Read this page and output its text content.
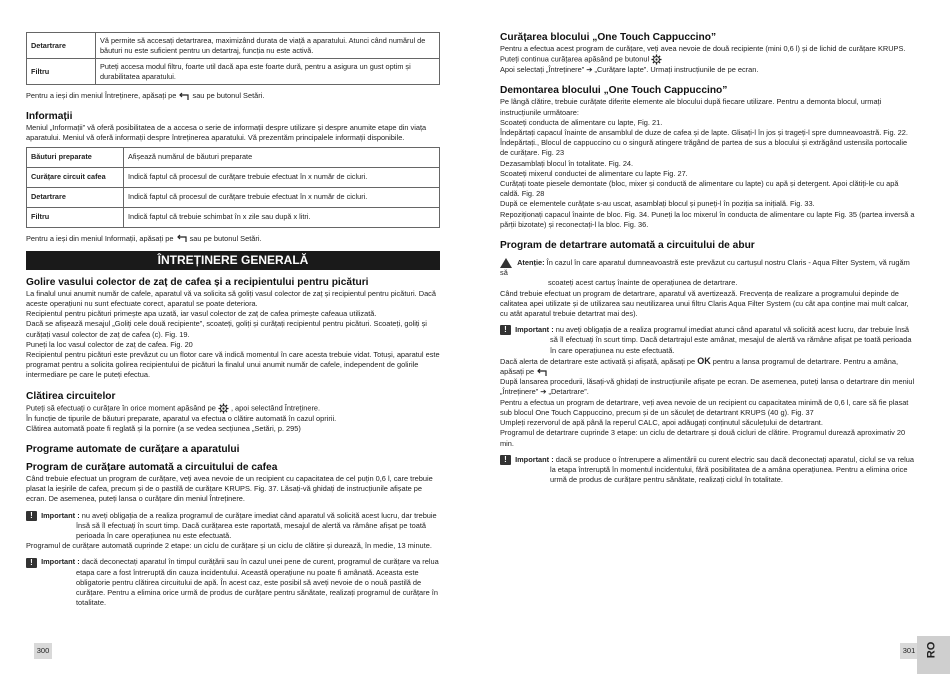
Detartrare	Vă permite să accesați detartrarea, maximizând durata de viață a aparatului. Atunci când numărul de băuturi nu este suficient pentru un detartraj, funcția nu este activă.
Filtru	Puteți accesa modul filtru, foarte util dacă apa este foarte dură, pentru a asigura un gust optim și durabilitatea aparatului.

Pentru a ieși din meniul Întreținere, apăsați pe sau pe butonul Setări.

Informații

Meniul „Informații” vă oferă posibilitatea de a accesa o serie de informații despre utilizare și despre anumite etape din viața aparatului. Meniul vă oferă informații despre întreținerea aparatului. Vă prezentăm principalele informații disponibile.

Băuturi preparate	Afișează numărul de băuturi preparate
Curățare circuit cafea	Indică faptul că procesul de curățare trebuie efectuat în x număr de cicluri.
Detartrare	Indică faptul că procesul de curățare trebuie efectuat în x număr de cicluri.
Filtru	Indică faptul că trebuie schimbat în x zile sau după x litri.

Pentru a ieși din meniul Informații, apăsați pe sau pe butonul Setări.

ÎNTREȚINERE GENERALĂ

Golire vasului colector de zaț de cafea și a recipientului pentru picături

La finalul unui anumit număr de cafele, aparatul vă va solicita să goliți vasul colector de zaț și recipientul pentru picături. Dacă aceste operațiuni nu sunt efectuate corect, aparatul se poate deteriora.

Recipientul pentru picături primește apa uzată, iar vasul colector de zaț de cafea primește cafeaua utilizată.

Dacă se afișează mesajul „Goliți cele două recipiente”, scoateți, goliți și curățați recipientul pentru picături. Scoateți, goliți și curățați vasul colector de zaț de cafea (c). Fig. 19.

Puneți la loc vasul colector de zaț de cafea. Fig. 20

Recipientul pentru picături este prevăzut cu un flotor care vă indică momentul în care acesta trebuie vidat. Totuși, aparatul este programat pentru a solicita golirea recipientului de picături la finalul unui anumit număr de cafele, independent de golirile intermediare pe care le puteți efectua.

Clătirea circuitelor

Puteți să efectuați o curățare în orice moment apăsând pe , apoi selectând Întreținere.

În funcție de tipurile de băuturi preparate, aparatul va efectua o clătire automată în cazul opririi.

Clătirea automată poate fi reglată și la pornire (a se vedea secțiunea „Setări, p. 295)

Programe automate de curățare a aparatului

Program de curățare automată a circuitului de cafea

Când trebuie efectuat un program de curățare, veți avea nevoie de un recipient cu capacitatea de cel puțin 0,6 l, care trebuie plasat la ieșirile de cafea, precum și de o pastilă de curățare KRUPS. Fig. 37. Lăsați-vă ghidați de instrucțiunile afișate pe ecran. De asemenea, puteți lansa o curățare din meniul Întreținere.

! Important : nu aveți obligația de a realiza programul de curățare imediat când aparatul vă solicită acest lucru, dar trebuie

însă să îl efectuați în scurt timp. Dacă curățarea este raportată, mesajul de alertă va rămâne afișat pe toată perioada în care operațiunea nu este efectuată.

Programul de curățare automată cuprinde 2 etape: un ciclu de curățare și un ciclu de clătire și durează, în medie, 13 minute.

! Important : dacă deconectați aparatul în timpul curățării sau în cazul unei pene de curent, programul de curățare va relua

etapa care a fost întreruptă din cauza incidentului. Această operațiune nu poate fi amânată. Aceasta este obligatorie pentru clătirea circuitului de apă. În acest caz, este posibil să aveți nevoie de o nouă pastilă de curățare. Pentru a elimina orice urmă de produs de curățare pentru sănătate, realizați programul de curățare în totalitate.

300

Curățarea blocului „One Touch Cappuccino”

Pentru a efectua acest program de curățare, veți avea nevoie de două recipiente (mini 0,6 l) și de lichid de curățare KRUPS.

Puteți continua curățarea apăsând pe butonul

Apoi selectați „Întreținere” ➔ „Curățare lapte”. Urmați instrucțiunile de pe ecran.

Demontarea blocului „One Touch Cappuccino”

Pe lângă clătire, trebuie curățate diferite elemente ale blocului după fiecare utilizare. Pentru a demonta blocul, urmați instrucțiunile următoare:

Scoateți conducta de alimentare cu lapte, Fig. 21.

Îndepărtați capacul înainte de ansamblul de duze de cafea și de lapte. Glisați-l în jos și trageți-l spre dumneavoastră. Fig. 22.

Îndepărtați., Blocul de cappuccino cu o singură atingere trăgând de partea de sus a blocului și extrăgând ustensila portocalie de curățare. Fig. 23

Dezasamblați blocul în totalitate. Fig. 24.

Scoateți mixerul conductei de alimentare cu lapte Fig. 27.

Curățați toate piesele demontate (bloc, mixer și conductă de alimentare cu lapte) cu apă și detergent. Apoi clătiți-le cu apă caldă. Fig. 28

După ce elementele curățate s-au uscat, asamblați blocul și puneți-l în poziția sa inițială. Fig. 33.

Repoziționați capacul înainte de bloc. Fig. 34. Puneți la loc mixerul în conducta de alimentare cu lapte Fig. 35 (partea inversă a părții bizotate) și reconectați-l la bloc. Fig. 36.

Program de detartrare automată a circuitului de abur

Atenție: În cazul în care aparatul dumneavoastră este prevăzut cu cartușul nostru Claris - Aqua Filter System, vă rugăm să

scoateți acest cartuș înainte de operațiunea de detartrare.

Când trebuie efectuat un program de detartrare, aparatul vă avertizează. Frecvența de realizare a programului depinde de calitatea apei utilizate și de utilizarea sau neutilizarea unui filtru Claris Aqua Filter System (cu cât apa conține mai mult calcar, cu atât aparatul trebuie detartrat mai des).

! Important : nu aveți obligația de a realiza programul imediat atunci când aparatul vă solicită acest lucru, dar trebuie însă

să îl efectuați în scurt timp. Dacă detartrajul este amânat, mesajul de alertă va rămâne afișat pe toată perioada în care operațiunea nu este efectuată.

Dacă alerta de detartrare este activată și afișată, apăsați pe OK pentru a lansa programul de detartrare. Pentru a amâna, apăsați pe

După lansarea procedurii, lăsați-vă ghidați de instrucțiunile afișate pe ecran. De asemenea, puteți lansa o detartrare din meniul „Întreținere” ➔ „Detartrare”.

Pentru a efectua un program de detartrare, veți avea nevoie de un recipient cu capacitatea minimă de 0,6 l, care să fie plasat sub blocul One Touch Cappuccino, precum și de un săculeț de detartrant KRUPS (40 g). Fig. 37

Umpleți rezervorul de apă până la reperul CALC, apoi adăugați conținutul săculețului de detartrant.

Programul de detartrare cuprinde 3 etape: un ciclu de detartrare și două cicluri de clătire. Programul durează aproximativ 20 min.

! Important : dacă se produce o întrerupere a alimentării cu curent electric sau dacă deconectați aparatul, ciclul se va relua

la etapa întreruptă în momentul incidentului, fără posibilitatea de a amâna operațiunea. Pentru a elimina orice urmă de produs de curățare pentru sănătate, realizați ciclul în totalitate.

301 RO
